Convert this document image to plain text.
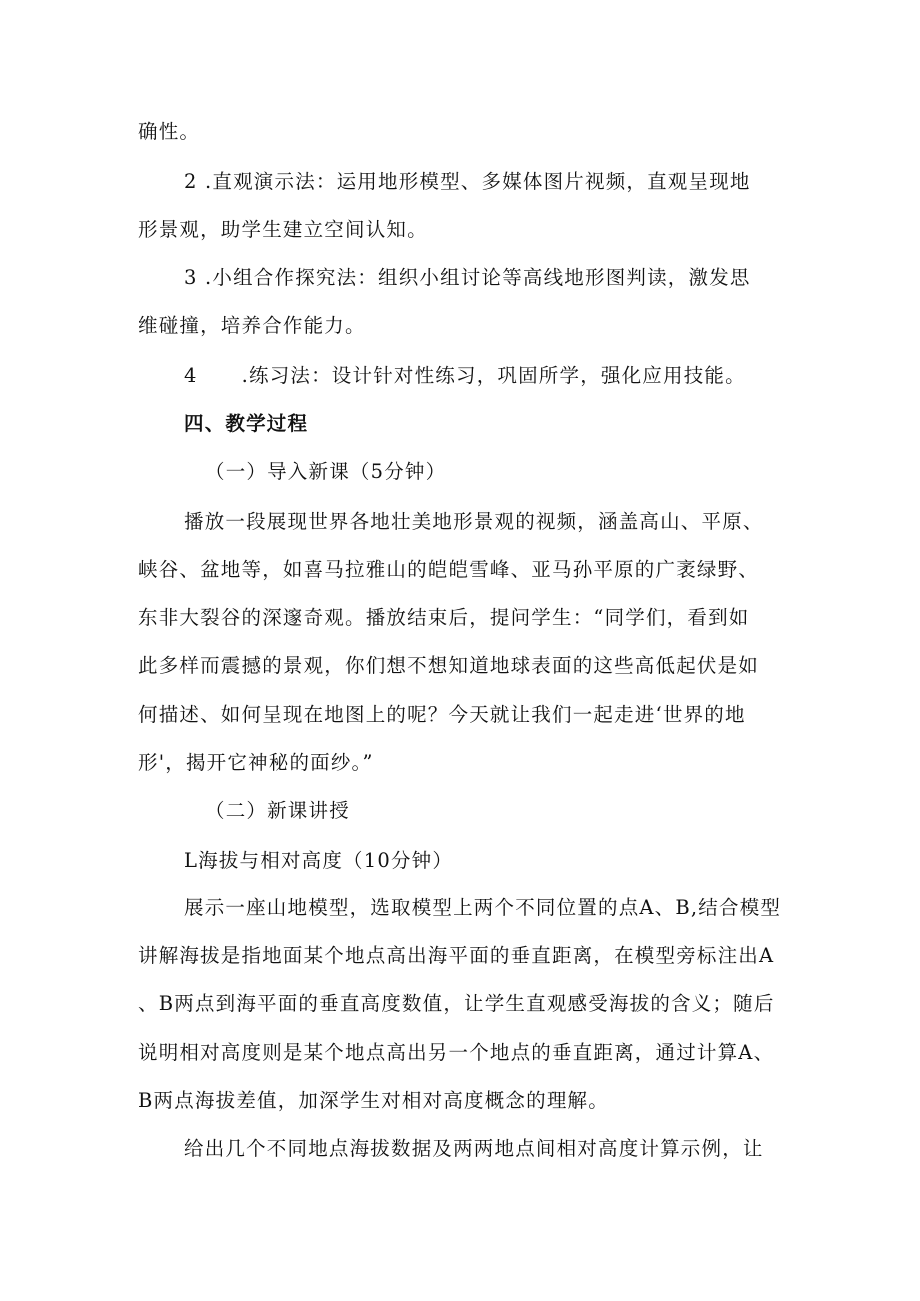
确性。
2 .直观演示法：运用地形模型、多媒体图片视频，直观呈现地
形景观，助学生建立空间认知。
3 .小组合作探究法：组织小组讨论等高线地形图判读，激发思
维碰撞，培养合作能力。
4 .练习法：设计针对性练习，巩固所学，强化应用技能。
四、教学过程
（一）导入新课（5分钟）
播放一段展现世界各地壮美地形景观的视频，涵盖高山、平原、
峡谷、盆地等，如喜马拉雅山的皑皑雪峰、亚马孙平原的广袤绿野、
东非大裂谷的深邃奇观。播放结束后，提问学生：“同学们，看到如
此多样而震撼的景观，你们想不想知道地球表面的这些高低起伏是如
何描述、如何呈现在地图上的呢？今天就让我们一起走进‘世界的地
形'，揭开它神秘的面纱。”
（二）新课讲授
L海拔与相对高度（10分钟）
展示一座山地模型，选取模型上两个不同位置的点A、B,结合模型
讲解海拔是指地面某个地点高出海平面的垂直距离，在模型旁标注出A
、B两点到海平面的垂直高度数值，让学生直观感受海拔的含义；随后
说明相对高度则是某个地点高出另一个地点的垂直距离，通过计算A、
B两点海拔差值，加深学生对相对高度概念的理解。
给出几个不同地点海拔数据及两两地点间相对高度计算示例，让
